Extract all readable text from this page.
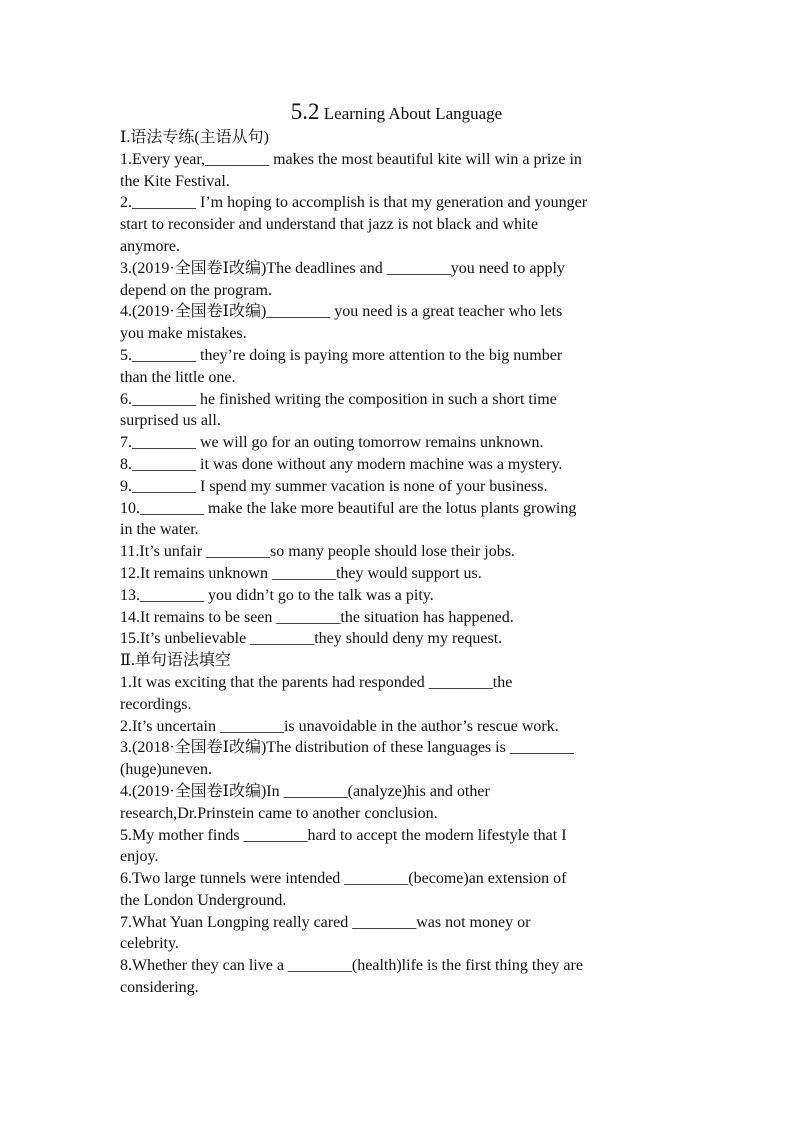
5.2 Learning About Language
Ⅰ.语法专练(主语从句)
1.Every year,________ makes the most beautiful kite will win a prize in
the Kite Festival.
2.________ I’m hoping to accomplish is that my generation and younger
start to reconsider and understand that jazz is not black and white
anymore.
3.(2019·全国卷Ⅰ改编)The deadlines and ________you need to apply
depend on the program.
4.(2019·全国卷Ⅰ改编)________ you need is a great teacher who lets
you make mistakes.
5.________ they’re doing is paying more attention to the big number
than the little one.
6.________ he finished writing the composition in such a short time
surprised us all.
7.________ we will go for an outing tomorrow remains unknown.
8.________ it was done without any modern machine was a mystery.
9.________ I spend my summer vacation is none of your business.
10.________ make the lake more beautiful are the lotus plants growing
in the water.
11.It’s unfair ________so many people should lose their jobs.
12.It remains unknown ________they would support us.
13.________ you didn’t go to the talk was a pity.
14.It remains to be seen ________the situation has happened.
15.It’s unbelievable ________they should deny my request.
Ⅱ.单句语法填空
1.It was exciting that the parents had responded ________the
recordings.
2.It’s uncertain ________is unavoidable in the author’s rescue work.
3.(2018·全国卷Ⅰ改编)The distribution of these languages is ________
(huge)uneven.
4.(2019·全国卷Ⅰ改编)In ________(analyze)his and other
research,Dr.Prinstein came to another conclusion.
5.My mother finds ________hard to accept the modern lifestyle that I
enjoy.
6.Two large tunnels were intended ________(become)an extension of
the London Underground.
7.What Yuan Longping really cared ________was not money or
celebrity.
8.Whether they can live a ________(health)life is the first thing they are
considering.
